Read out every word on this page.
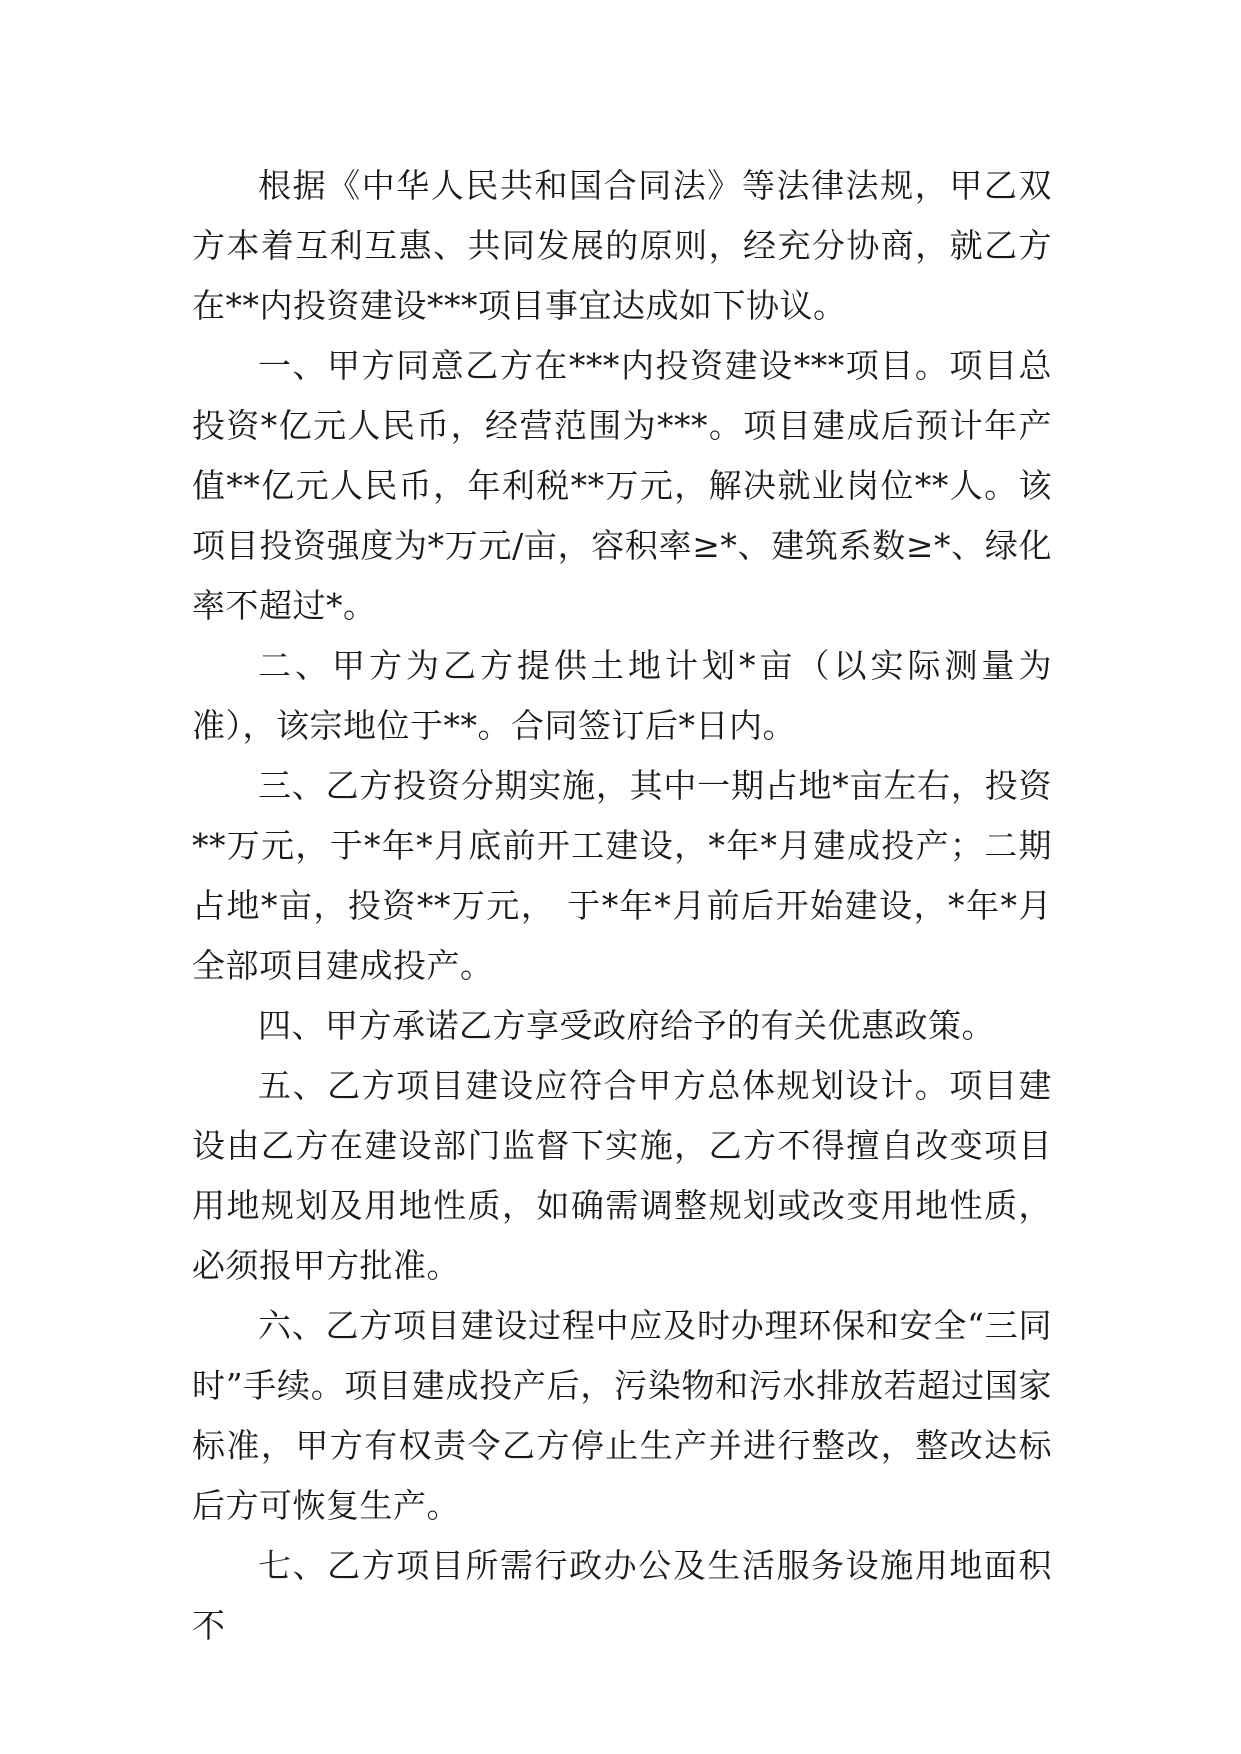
根据《中华人民共和国合同法》等法律法规，甲乙双方本着互利互惠、共同发展的原则，经充分协商，就乙方在**内投资建设***项目事宜达成如下协议。

一、甲方同意乙方在***内投资建设***项目。项目总投资*亿元人民币，经营范围为***。项目建成后预计年产值**亿元人民币，年利税**万元，解决就业岗位**人。该项目投资强度为*万元/亩，容积率≥*、建筑系数≥*、绿化率不超过*。

二、甲方为乙方提供土地计划*亩（以实际测量为准），该宗地位于**。合同签订后*日内。

三、乙方投资分期实施，其中一期占地*亩左右，投资**万元，于*年*月底前开工建设，*年*月建成投产；二期占地*亩，投资**万元， 于*年*月前后开始建设，*年*月全部项目建成投产。

四、甲方承诺乙方享受政府给予的有关优惠政策。

五、乙方项目建设应符合甲方总体规划设计。项目建设由乙方在建设部门监督下实施，乙方不得擅自改变项目用地规划及用地性质，如确需调整规划或改变用地性质，必须报甲方批准。

六、乙方项目建设过程中应及时办理环保和安全“三同时”手续。项目建成投产后，污染物和污水排放若超过国家标准，甲方有权责令乙方停止生产并进行整改，整改达标后方可恢复生产。

七、乙方项目所需行政办公及生活服务设施用地面积不
